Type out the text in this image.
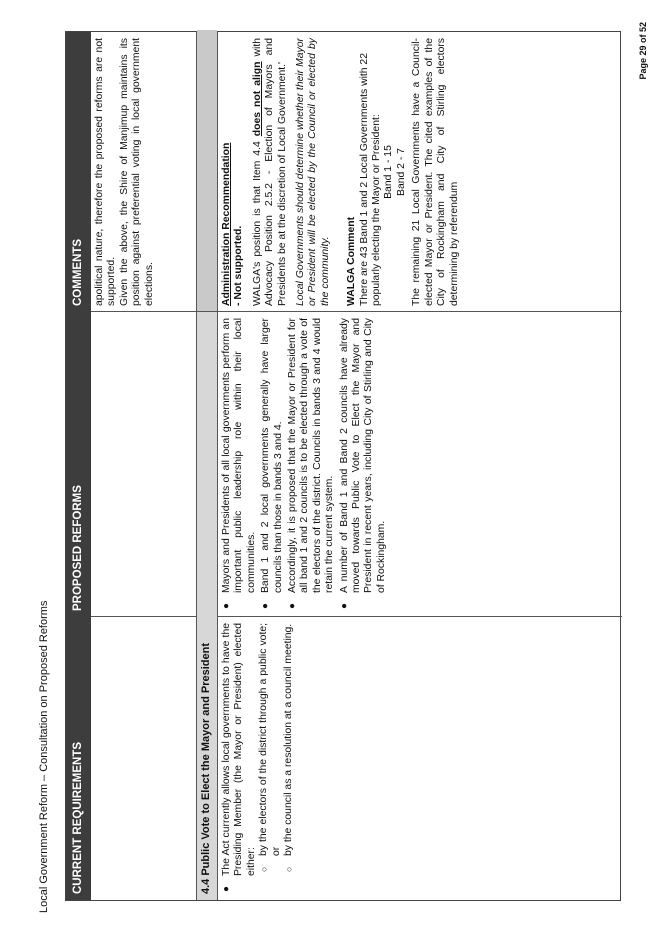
Local Government Reform – Consultation on Proposed Reforms	CURRENT REQUIREMENTS
PROPOSED REFORMS
COMMENTS apolitical nature, therefore the proposed reforms are not supported. Given the above, the Shire of Manjimup maintains its position against preferential voting in local government elections.

4.4 Public Vote to Elect the Mayor and President ●
The Act currently allows local governments to have the Presiding Member (the Mayor or President) elected either: ○
by the electors of the district through a public vote; or
○
by the council as a resolution at a council meeting.
●
Mayors and Presidents of all local governments perform an important public leadership role within their local communities.
●
Band 1 and 2 local governments generally have larger councils than those in bands 3 and 4.
●
Accordingly, it is proposed that the Mayor or President for all band 1 and 2 councils is to be elected through a vote of the electors of the district. Councils in bands 3 and 4 would retain the current system.
●
A number of Band 1 and Band 2 councils have already moved towards Public Vote to Elect the Mayor and President in recent years, including City of Stirling and City of Rockingham.

Administration Recommendation - Not supported. WALGA's position is that Item 4.4 does not align with Advocacy Position 2.5.2 - Election of Mayors and Presidents be at the discretion of Local Government.' Local Governments should determine whether their Mayor or President will be elected by the Council or elected by the community. WALGA Comment There are 43 Band 1 and 2 Local Governments with 22 popularly electing the Mayor or President: Band 1 - 15 Band 2 - 7 The remaining 21 Local Governments have a Council-elected Mayor or President. The cited examples of the City of Rockingham and City of Stirling electors determining by referendum

Page 29 of 52
